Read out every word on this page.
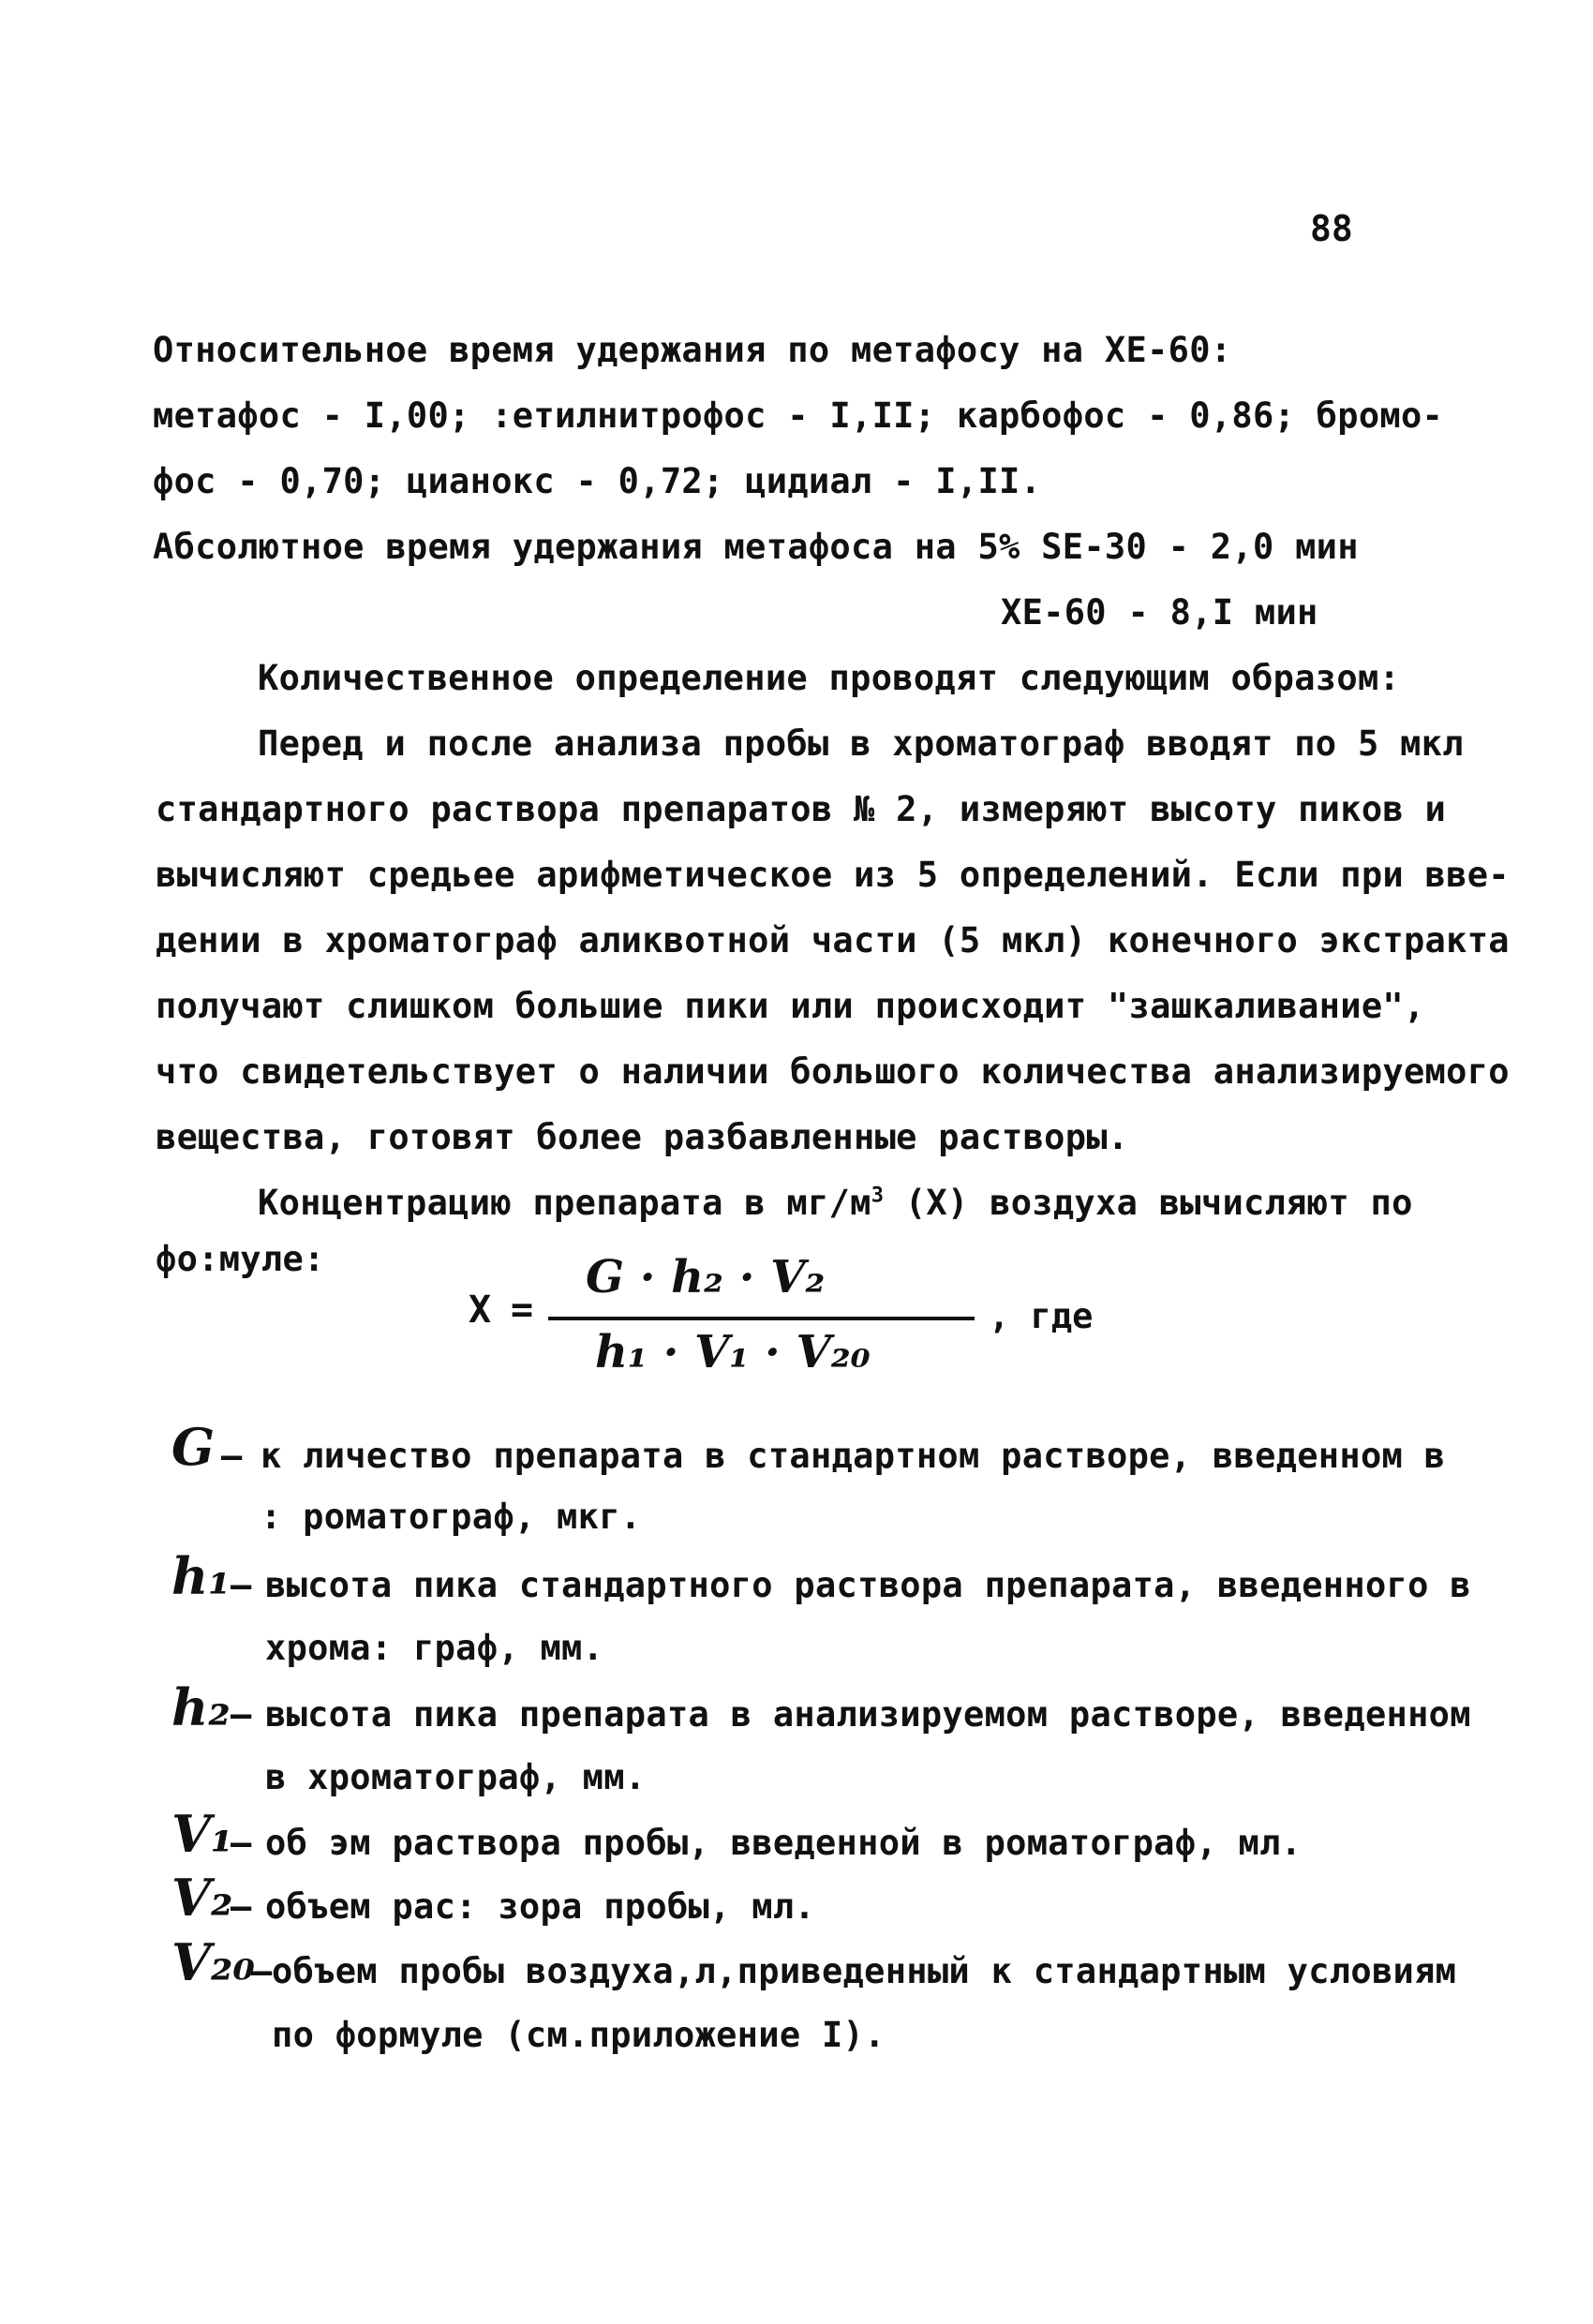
88
Относительное время удержания по метафосу на ХЕ-60:
метафос - I,00; :етилнитрофос - I,II; карбофос - 0,86; бромо-
фос - 0,70; цианокс - 0,72; цидиал - I,II.
Абсолютное время удержания метафоса на 5% SE-30 - 2,0 мин
ХЕ-60 - 8,I мин
Количественное определение проводят следующим образом:
Перед и после анализа пробы в хроматограф вводят по 5 мкл
стандартного раствора препаратов № 2, измеряют высоту пиков и
вычисляют средьее арифметическое из 5 определений. Если при вве-
дении в хроматограф аликвотной части (5 мкл) конечного экстракта
получают слишком большие пики или происходит "зашкаливание",
что свидетельствует о наличии большого количества анализируемого
вещества, готовят более разбавленные растворы.
Концентрацию препарата в $мг/м^3$ (X) воздуха вычисляют по
фо:муле:
X =
G · h₂ · V₂
h₁ · V₁ · V₂₀
, где
G – к личество препарата в стандартном растворе, введенном в
: роматограф, мкг.
h₁ – высота пика стандартного раствора препарата, введенного в
хрома: граф, мм.
h₂ – высота пика препарата в анализируемом растворе, введенном
в хроматограф, мм.
V₁
– об эм раствора пробы, введенной в роматограф, мл.
V₂
– объем рас: зора пробы, мл.
V₂₀
– объем пробы воздуха,л,приведенный к стандартным условиям
по формуле (см.приложение I).
